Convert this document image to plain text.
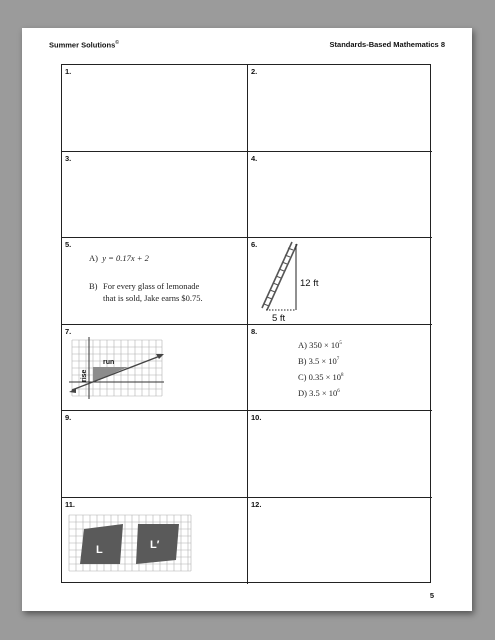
Summer Solutions©	Standards-Based Mathematics 8
1.	2.
3.	4.
5.
A) y = 0.17x + 2
B) For every glass of lemonade
that is sold, Jake earns $0.75.
6.
12 ft
5 ft
7.
run
rise
8.
A) $350 \times 10^5$
B) $3.5 \times 10^7$
C) $0.35 \times 10^8$
D) $3.5 \times 10^6$
9.	10.
11.
L	L′
12.
5
